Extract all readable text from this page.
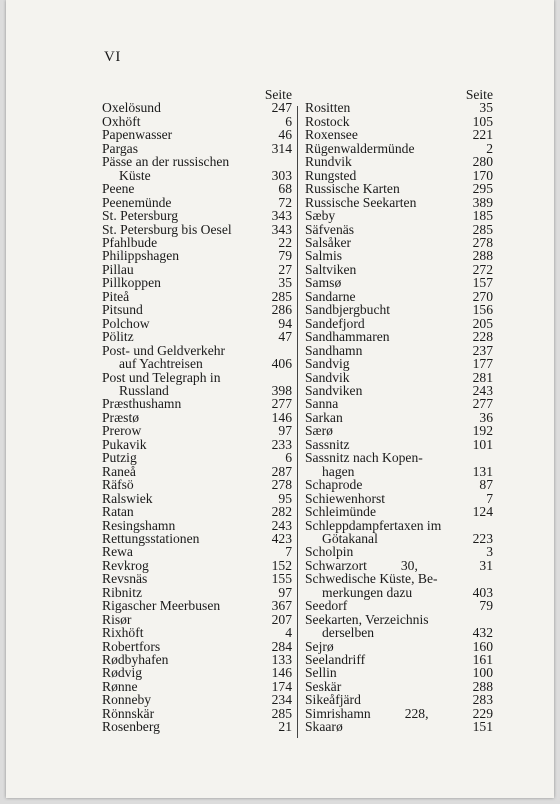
VI
Seite
Oxelösund	247
Oxhöft	6
Papenwasser	46
Pargas	314
Pässe an der russischen
Küste	303
Peene	68
Peenemünde	72
St. Petersburg	343
St. Petersburg bis Oesel	343
Pfahlbude	22
Philippshagen	79
Pillau	27
Pillkoppen	35
Piteå	285
Pitsund	286
Polchow	94
Pölitz	47
Post- und Geldverkehr
auf Yachtreisen	406
Post und Telegraph in
Russland	398
Præsthushamn	277
Præstø	146
Prerow	97
Pukavik	233
Putzig	6
Raneå	287
Räfsö	278
Ralswiek	95
Ratan	282
Resingshamn	243
Rettungsstationen	423
Rewa	7
Revkrog	152
Revsnäs	155
Ribnitz	97
Rigascher Meerbusen	367
Risør	207
Rixhöft	4
Robertfors	284
Rødbyhafen	133
Rødvig	146
Rønne	174
Ronneby	234
Rönnskär	285
Rosenberg	21
Seite
Rositten	35
Rostock	105
Roxensee	221
Rügenwaldermünde	2
Rundvik	280
Rungsted	170
Russische Karten	295
Russische Seekarten	389
Sæby	185
Säfvenäs	285
Salsåker	278
Salmis	288
Saltviken	272
Samsø	157
Sandarne	270
Sandbjergbucht	156
Sandefjord	205
Sandhammaren	228
Sandhamn	237
Sandvig	177
Sandvik	281
Sandviken	243
Sanna	277
Sarkan	36
Særø	192
Sassnitz	101
Sassnitz nach Kopen-
hagen	131
Schaprode	87
Schiewenhorst	7
Schleimünde	124
Schleppdampfertaxen im
Götakanal	223
Scholpin	3
Schwarzort          30,	31
Schwedische Küste, Be-
merkungen dazu	403
Seedorf	79
Seekarten, Verzeichnis
derselben	432
Sejrø	160
Seelandriff	161
Sellin	100
Seskär	288
Sikeåfjärd	283
Simrishamn          228,	229
Skaarø	151
